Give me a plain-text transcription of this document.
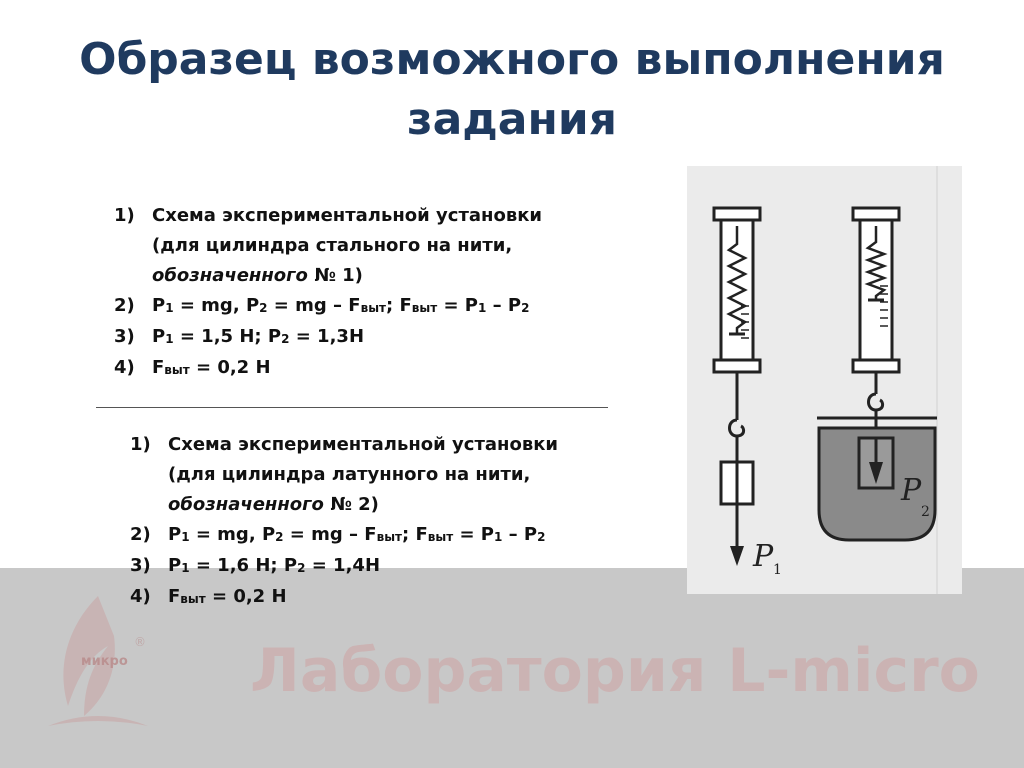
Образец возможного выполнения задания
1) Схема экспериментальной установки
(для цилиндра стального на нити,
обозначенного № 1)
2) $P_1$ = mg, $P_2$ = mg – $F_{выт}$; $F_{выт} = P_1 - P_2$
3) $P_1 = 1,5$ Н; $P_2 = 1,3Н$
4) $F_{выт} = 0,2$ Н
1) Схема экспериментальной установки
(для цилиндра латунного на нити,
обозначенного № 2)
2) $P_1$ = mg, $P_2$ = mg – $F_{выт}$; $F_{выт} = P_1 - P_2$
3) $P_1 = 1,6$ Н; $P_2 = 1,4Н$
4) $F_{выт} = 0,2$ Н
P 1
P
2
®
микро Лаборатория L-micro
